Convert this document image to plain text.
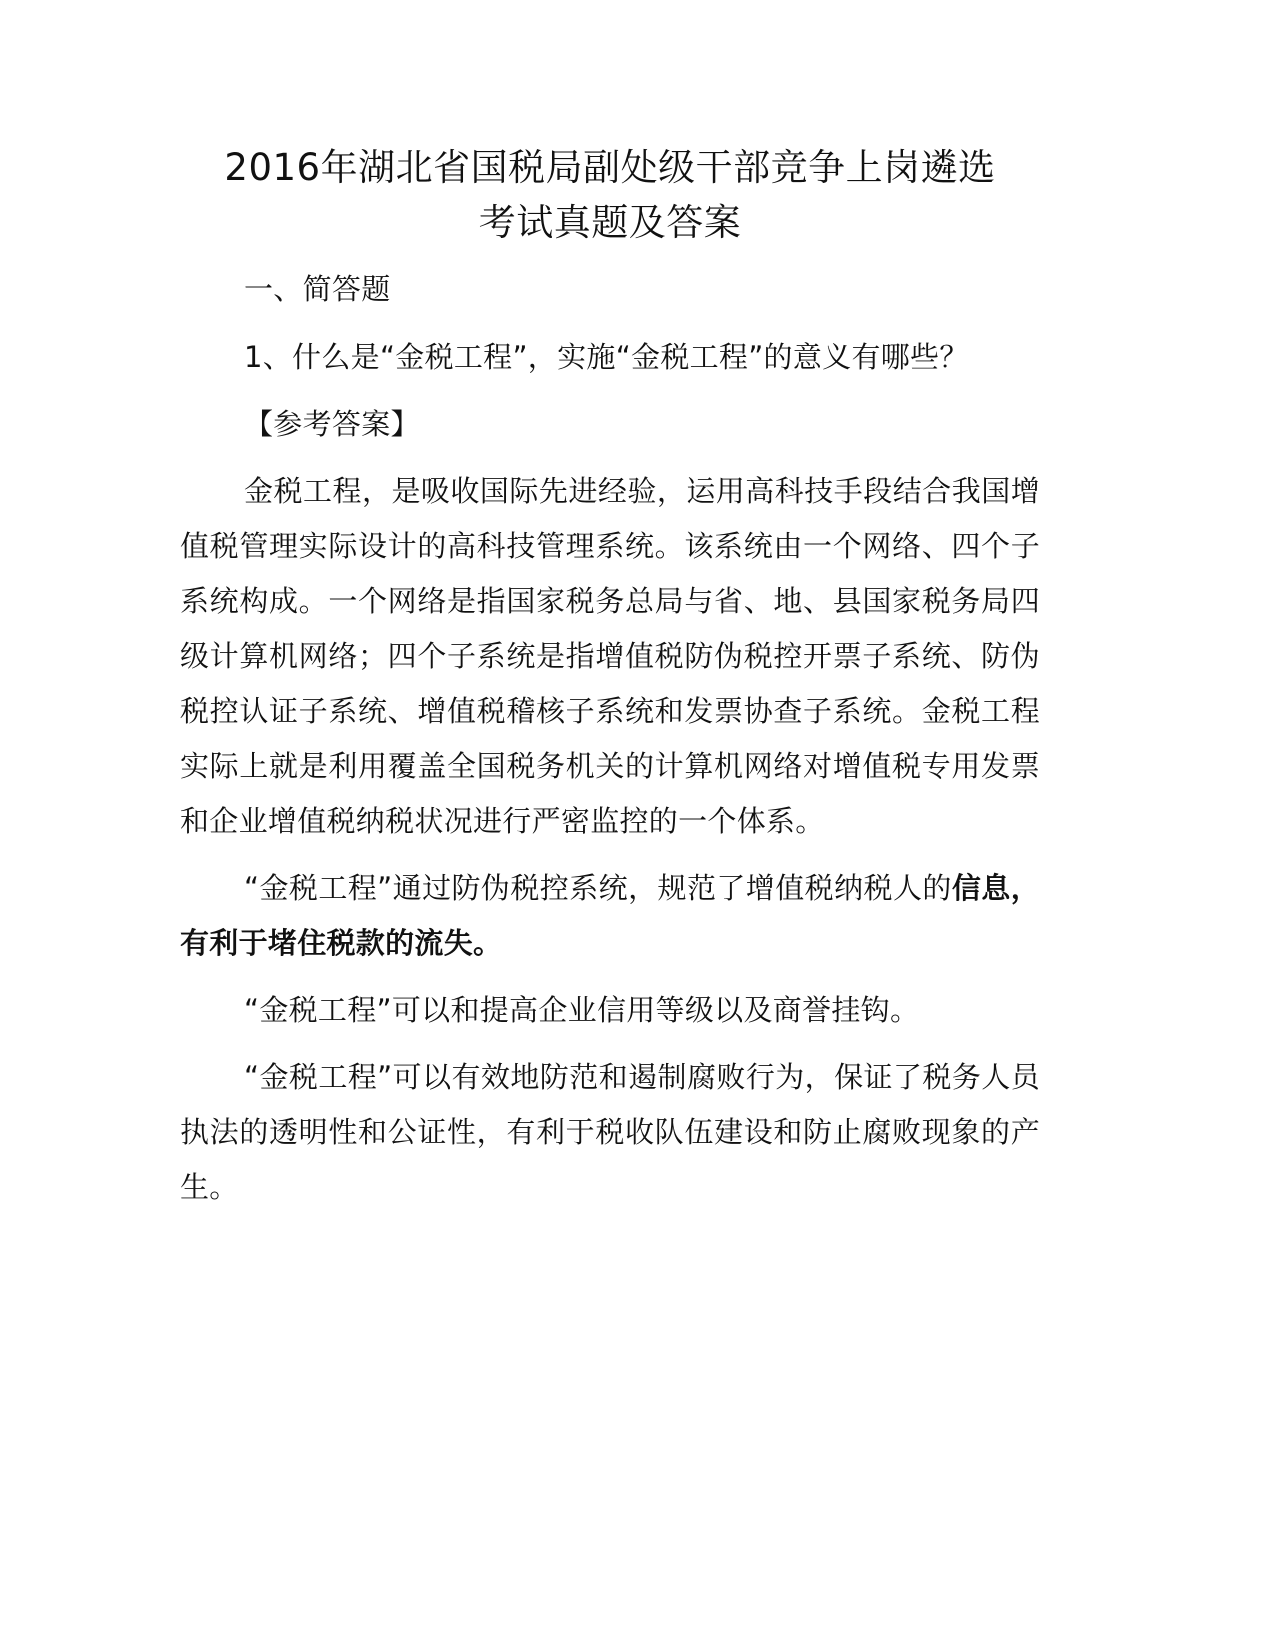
2016年湖北省国税局副处级干部竞争上岗遴选
考试真题及答案

一、简答题

1、什么是“金税工程”，实施“金税工程”的意义有哪些？

【参考答案】

金税工程，是吸收国际先进经验，运用高科技手段结合我国增值税管理实际设计的高科技管理系统。该系统由一个网络、四个子系统构成。一个网络是指国家税务总局与省、地、县国家税务局四级计算机网络；四个子系统是指增值税防伪税控开票子系统、防伪税控认证子系统、增值税稽核子系统和发票协查子系统。金税工程实际上就是利用覆盖全国税务机关的计算机网络对增值税专用发票和企业增值税纳税状况进行严密监控的一个体系。

“金税工程”通过防伪税控系统，规范了增值税纳税人的信息，有利于堵住税款的流失。

“金税工程”可以和提高企业信用等级以及商誉挂钩。

“金税工程”可以有效地防范和遏制腐败行为，保证了税务人员执法的透明性和公证性，有利于税收队伍建设和防止腐败现象的产生。
